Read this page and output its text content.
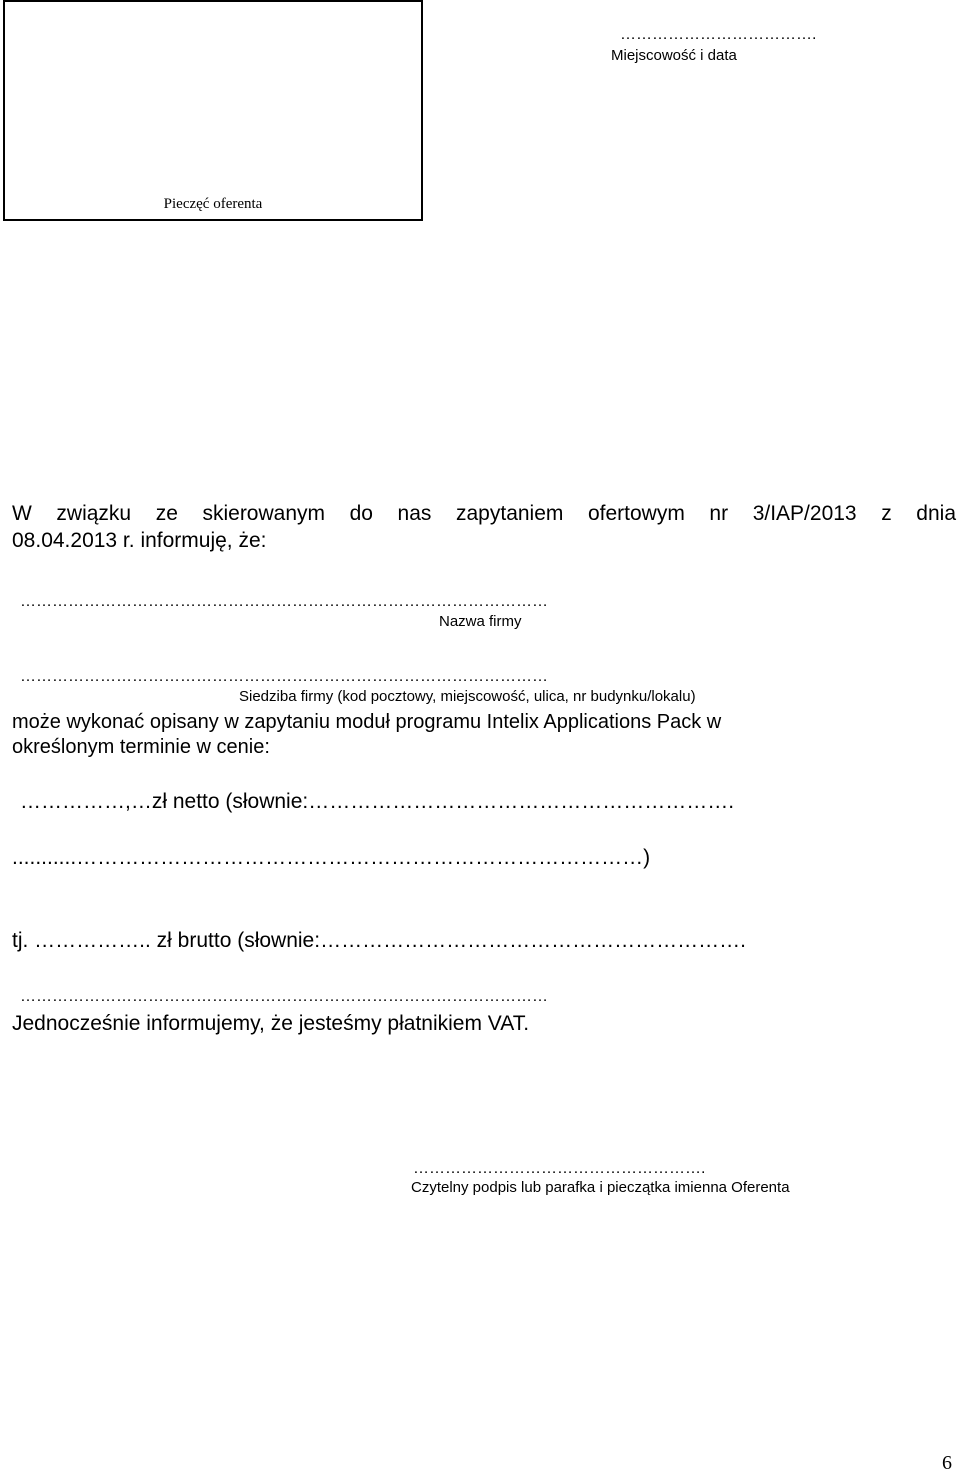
Pieczęć oferenta
……………………………….
Miejscowość i data
W związku ze skierowanym do nas zapytaniem ofertowym nr 3/IAP/2013 z dnia
08.04.2013 r. informuję, że:
………………………………………………………………………………………
Nazwa firmy
………………………………………………………………………………………
Siedziba firmy (kod pocztowy, miejscowość, ulica, nr budynku/lokalu)
może wykonać opisany w zapytaniu moduł programu Intelix Applications Pack w
określonym terminie w cenie:
……………,…zł netto (słownie:…………………………………………………….
...........………………………………………………………………………)
tj. …………….. zł brutto (słownie:…………………………………………………….
………………………………………………………………………………………
Jednocześnie informujemy, że jesteśmy płatnikiem VAT.
……………………………………………….
Czytelny podpis lub parafka i pieczątka imienna Oferenta
6
